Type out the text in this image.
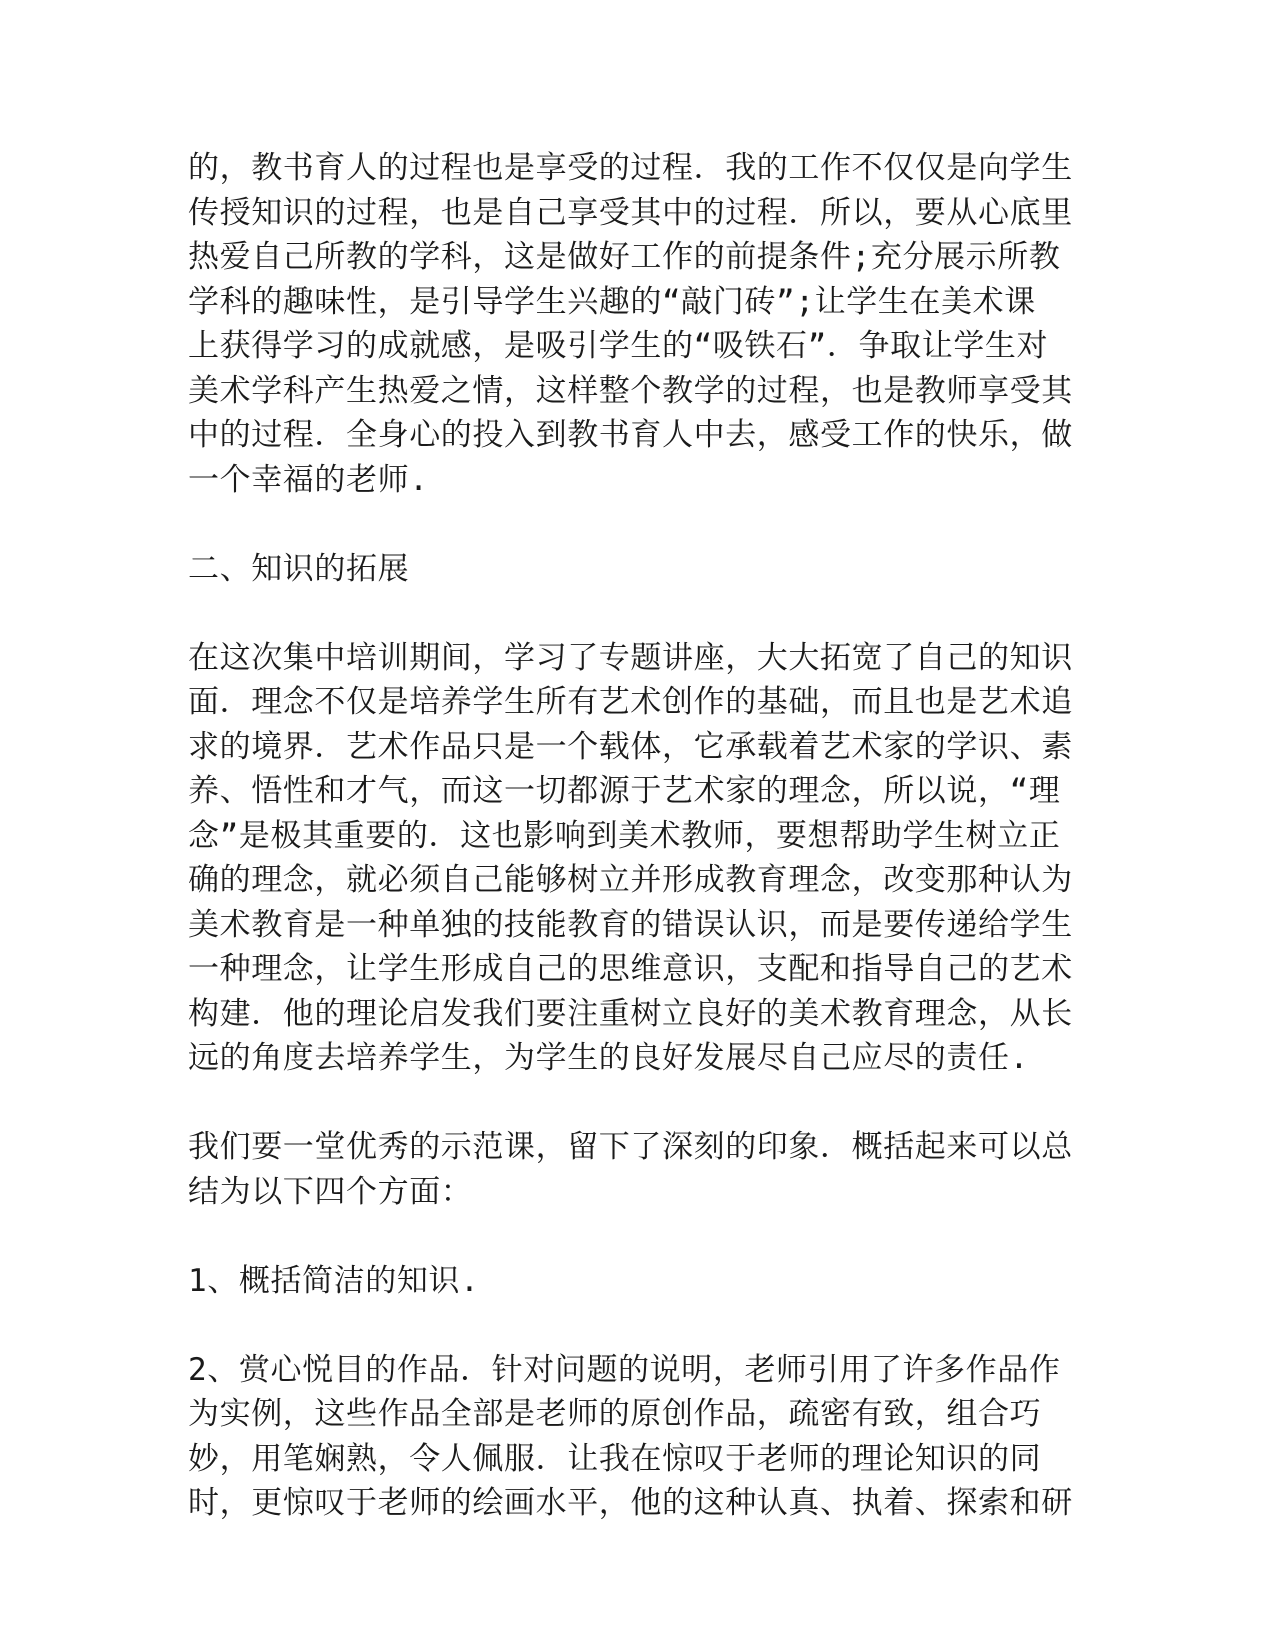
的，教书育人的过程也是享受的过程．我的工作不仅仅是向学生
传授知识的过程，也是自己享受其中的过程．所以，要从心底里
热爱自己所教的学科，这是做好工作的前提条件;充分展示所教
学科的趣味性，是引导学生兴趣的“敲门砖”;让学生在美术课
上获得学习的成就感，是吸引学生的“吸铁石”．争取让学生对
美术学科产生热爱之情，这样整个教学的过程，也是教师享受其
中的过程．全身心的投入到教书育人中去，感受工作的快乐，做
一个幸福的老师.

二、知识的拓展

在这次集中培训期间，学习了专题讲座，大大拓宽了自己的知识
面．理念不仅是培养学生所有艺术创作的基础，而且也是艺术追
求的境界．艺术作品只是一个载体，它承载着艺术家的学识、素
养、悟性和才气，而这一切都源于艺术家的理念，所以说，“理
念”是极其重要的．这也影响到美术教师，要想帮助学生树立正
确的理念，就必须自己能够树立并形成教育理念，改变那种认为
美术教育是一种单独的技能教育的错误认识，而是要传递给学生
一种理念，让学生形成自己的思维意识，支配和指导自己的艺术
构建．他的理论启发我们要注重树立良好的美术教育理念，从长
远的角度去培养学生，为学生的良好发展尽自己应尽的责任.

我们要一堂优秀的示范课，留下了深刻的印象．概括起来可以总
结为以下四个方面：

1、概括简洁的知识.

2、赏心悦目的作品．针对问题的说明，老师引用了许多作品作
为实例，这些作品全部是老师的原创作品，疏密有致，组合巧
妙，用笔娴熟，令人佩服．让我在惊叹于老师的理论知识的同
时，更惊叹于老师的绘画水平，他的这种认真、执着、探索和研
